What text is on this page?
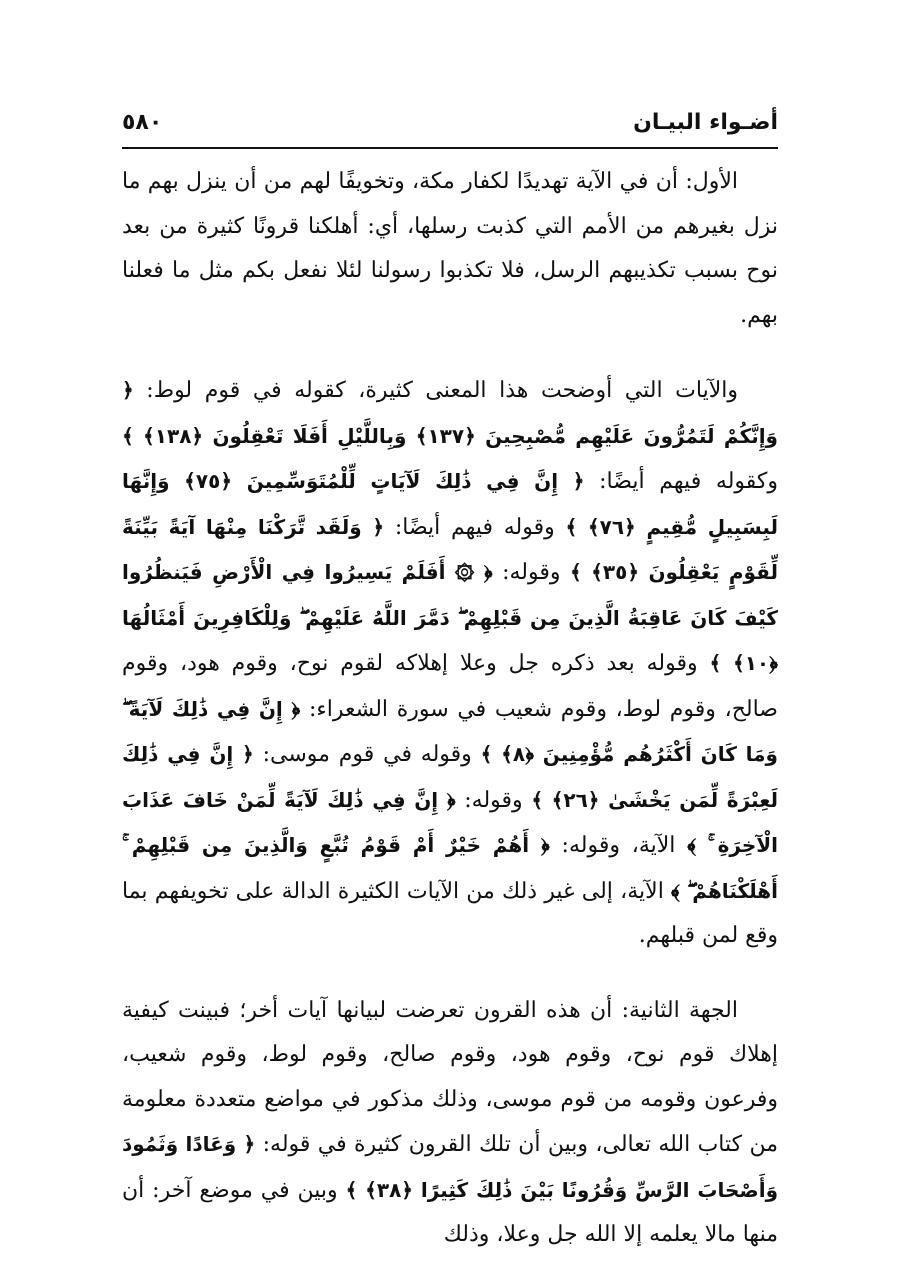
أضـواء البيـان
٥٨٠

الأول: أن في الآية تهديدًا لكفار مكة، وتخويفًا لهم من أن ينزل بهم ما نزل بغيرهم من الأمم التي كذبت رسلها، أي: أهلكنا قرونًا كثيرة من بعد نوح بسبب تكذيبهم الرسل، فلا تكذبوا رسولنا لئلا نفعل بكم مثل ما فعلنا بهم.

والآيات التي أوضحت هذا المعنى كثيرة، كقوله في قوم لوط: ﴿ وَإِنَّكُمْ لَتَمُرُّونَ عَلَيْهِم مُّصْبِحِينَ ﴿١٣٧﴾ وَبِاللَّيْلِ أَفَلَا تَعْقِلُونَ ﴿١٣٨﴾ ﴾ وكقوله فيهم أيضًا: ﴿ إِنَّ فِي ذَٰلِكَ لَآيَاتٍ لِّلْمُتَوَسِّمِينَ ﴿٧٥﴾ وَإِنَّهَا لَبِسَبِيلٍ مُّقِيمٍ ﴿٧٦﴾ ﴾ وقوله فيهم أيضًا: ﴿ وَلَقَد تَّرَكْنَا مِنْهَا آيَةً بَيِّنَةً لِّقَوْمٍ يَعْقِلُونَ ﴿٣٥﴾ ﴾ وقوله: ﴿ ۞ أَفَلَمْ يَسِيرُوا فِي الْأَرْضِ فَيَنظُرُوا كَيْفَ كَانَ عَاقِبَةُ الَّذِينَ مِن قَبْلِهِمْ ۖ دَمَّرَ اللَّهُ عَلَيْهِمْ ۖ وَلِلْكَافِرِينَ أَمْثَالُهَا ﴿١٠﴾ ﴾ وقوله بعد ذكره جل وعلا إهلاكه لقوم نوح، وقوم هود، وقوم صالح، وقوم لوط، وقوم شعيب في سورة الشعراء: ﴿ إِنَّ فِي ذَٰلِكَ لَآيَةً ۖ وَمَا كَانَ أَكْثَرُهُم مُّؤْمِنِينَ ﴿٨﴾ ﴾ وقوله في قوم موسى: ﴿ إِنَّ فِي ذَٰلِكَ لَعِبْرَةً لِّمَن يَخْشَىٰ ﴿٢٦﴾ ﴾ وقوله: ﴿ إِنَّ فِي ذَٰلِكَ لَآيَةً لِّمَنْ خَافَ عَذَابَ الْآخِرَةِ ۚ ﴾ الآية، وقوله: ﴿ أَهُمْ خَيْرٌ أَمْ قَوْمُ تُبَّعٍ وَالَّذِينَ مِن قَبْلِهِمْ ۚ أَهْلَكْنَاهُمْ ۖ ﴾ الآية، إلى غير ذلك من الآيات الكثيرة الدالة على تخويفهم بما وقع لمن قبلهم.

الجهة الثانية: أن هذه القرون تعرضت لبيانها آيات أخر؛ فبينت كيفية إهلاك قوم نوح، وقوم هود، وقوم صالح، وقوم لوط، وقوم شعيب، وفرعون وقومه من قوم موسى، وذلك مذكور في مواضع متعددة معلومة من كتاب الله تعالى، وبين أن تلك القرون كثيرة في قوله: ﴿ وَعَادًا وَثَمُودَ وَأَصْحَابَ الرَّسِّ وَقُرُونًا بَيْنَ ذَٰلِكَ كَثِيرًا ﴿٣٨﴾ ﴾ وبين في موضع آخر: أن منها مالا يعلمه إلا الله جل وعلا، وذلك
